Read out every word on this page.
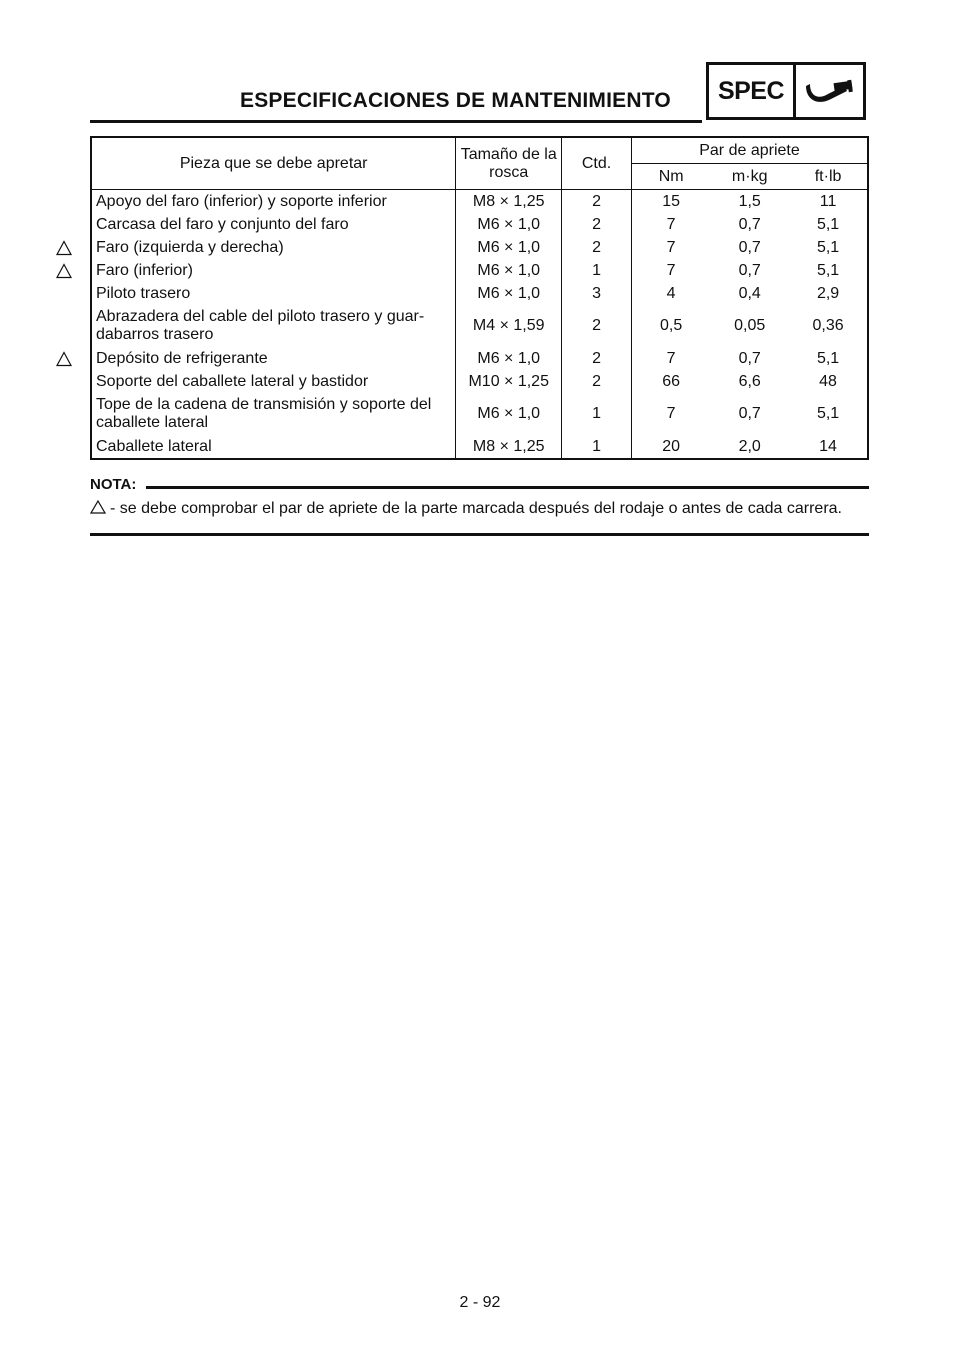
ESPECIFICACIONES DE MANTENIMIENTO	SPEC
Pieza que se debe apretar	Tamaño de la rosca	Ctd.	Par de apriete		
			Nm	m·kg	ft·lb
Apoyo del faro (inferior) y soporte inferior	M8 × 1,25	2	15	1,5	11
Carcasa del faro y conjunto del faro	M6 × 1,0	2	7	0,7	5,1
Faro (izquierda y derecha)	M6 × 1,0	2	7	0,7	5,1
Faro (inferior)	M6 × 1,0	1	7	0,7	5,1
Piloto trasero	M6 × 1,0	3	4	0,4	2,9
Abrazadera del cable del piloto trasero y guar-dabarros trasero	M4 × 1,59	2	0,5	0,05	0,36
Depósito de refrigerante	M6 × 1,0	2	7	0,7	5,1
Soporte del caballete lateral y bastidor	M10 × 1,25	2	66	6,6	48
Tope de la cadena de transmisión y soporte del caballete lateral	M6 × 1,0	1	7	0,7	5,1
Caballete lateral	M8 × 1,25	1	20	2,0	14
NOTA:
- se debe comprobar el par de apriete de la parte marcada después del rodaje o antes de cada carrera.
2 - 92
